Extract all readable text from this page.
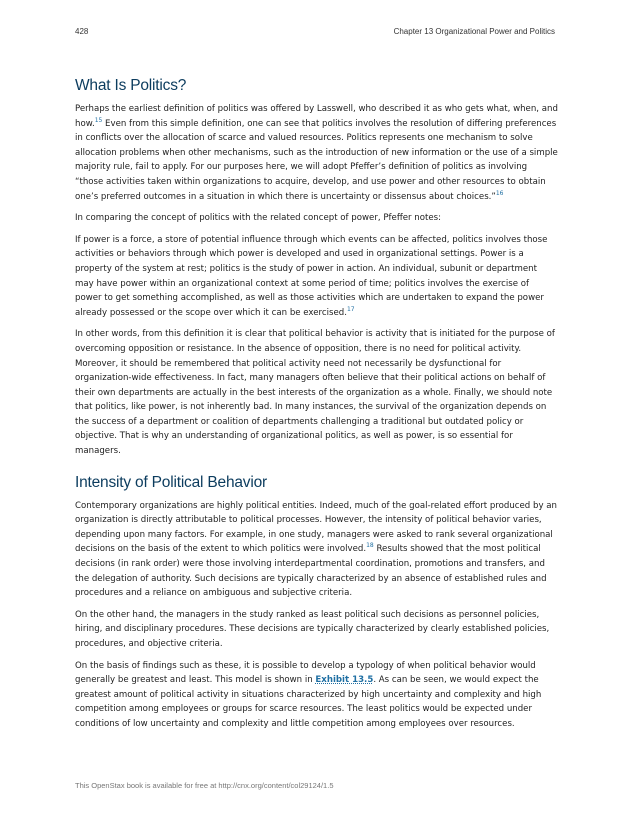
428	Chapter 13 Organizational Power and Politics
What Is Politics?

Perhaps the earliest definition of politics was offered by Lasswell, who described it as who gets what, when, and how.$^{15}$ Even from this simple definition, one can see that politics involves the resolution of differing preferences in conflicts over the allocation of scarce and valued resources. Politics represents one mechanism to solve allocation problems when other mechanisms, such as the introduction of new information or the use of a simple majority rule, fail to apply. For our purposes here, we will adopt Pfeffer’s definition of politics as involving “those activities taken within organizations to acquire, develop, and use power and other resources to obtain one’s preferred outcomes in a situation in which there is uncertainty or dissensus about choices.”$^{16}$

In comparing the concept of politics with the related concept of power, Pfeffer notes:

If power is a force, a store of potential influence through which events can be affected, politics involves those activities or behaviors through which power is developed and used in organizational settings. Power is a property of the system at rest; politics is the study of power in action. An individual, subunit or department may have power within an organizational context at some period of time; politics involves the exercise of power to get something accomplished, as well as those activities which are undertaken to expand the power already possessed or the scope over which it can be exercised.$^{17}$

In other words, from this definition it is clear that political behavior is activity that is initiated for the purpose of overcoming opposition or resistance. In the absence of opposition, there is no need for political activity. Moreover, it should be remembered that political activity need not necessarily be dysfunctional for organization-wide effectiveness. In fact, many managers often believe that their political actions on behalf of their own departments are actually in the best interests of the organization as a whole. Finally, we should note that politics, like power, is not inherently bad. In many instances, the survival of the organization depends on the success of a department or coalition of departments challenging a traditional but outdated policy or objective. That is why an understanding of organizational politics, as well as power, is so essential for managers.

Intensity of Political Behavior

Contemporary organizations are highly political entities. Indeed, much of the goal-related effort produced by an organization is directly attributable to political processes. However, the intensity of political behavior varies, depending upon many factors. For example, in one study, managers were asked to rank several organizational decisions on the basis of the extent to which politics were involved.$^{18}$ Results showed that the most political decisions (in rank order) were those involving interdepartmental coordination, promotions and transfers, and the delegation of authority. Such decisions are typically characterized by an absence of established rules and procedures and a reliance on ambiguous and subjective criteria.

On the other hand, the managers in the study ranked as least political such decisions as personnel policies, hiring, and disciplinary procedures. These decisions are typically characterized by clearly established policies, procedures, and objective criteria.

On the basis of findings such as these, it is possible to develop a typology of when political behavior would generally be greatest and least. This model is shown in Exhibit 13.5. As can be seen, we would expect the greatest amount of political activity in situations characterized by high uncertainty and complexity and high competition among employees or groups for scarce resources. The least politics would be expected under conditions of low uncertainty and complexity and little competition among employees over resources.

This OpenStax book is available for free at http://cnx.org/content/col29124/1.5
